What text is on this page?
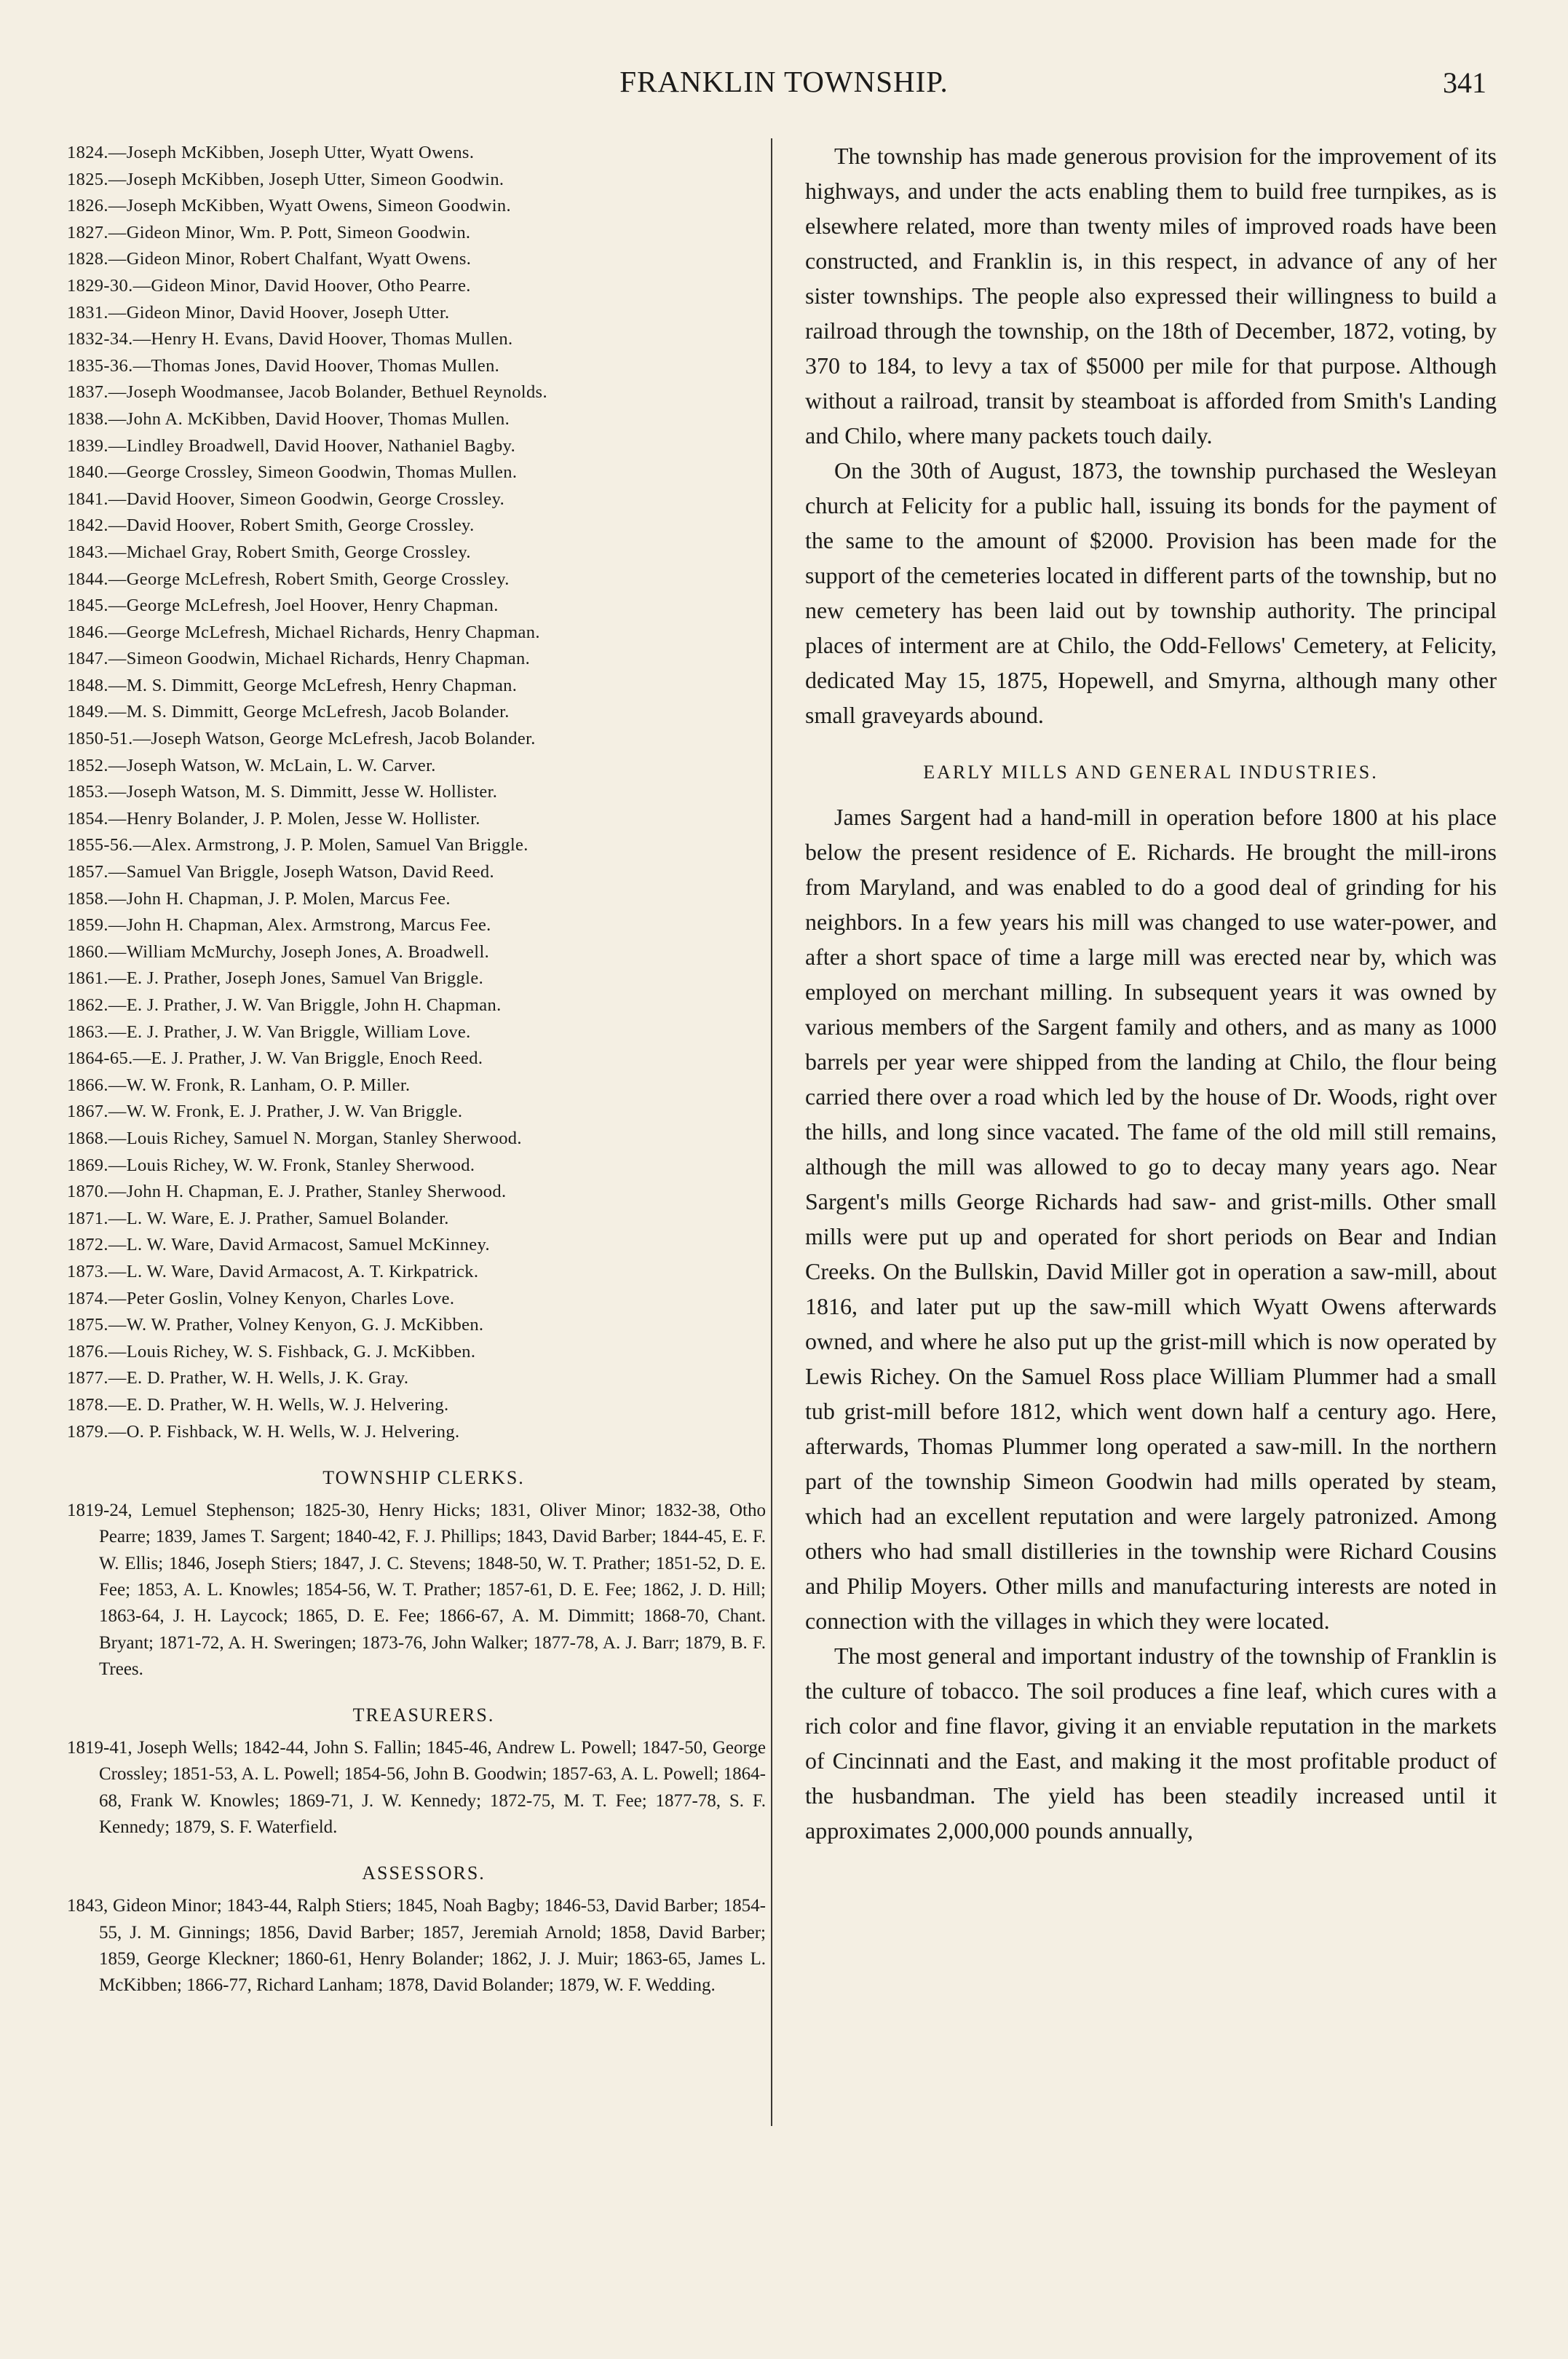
FRANKLIN TOWNSHIP.	341
1824.—Joseph McKibben, Joseph Utter, Wyatt Owens.
1825.—Joseph McKibben, Joseph Utter, Simeon Goodwin.
1826.—Joseph McKibben, Wyatt Owens, Simeon Goodwin.
1827.—Gideon Minor, Wm. P. Pott, Simeon Goodwin.
1828.—Gideon Minor, Robert Chalfant, Wyatt Owens.
1829-30.—Gideon Minor, David Hoover, Otho Pearre.
1831.—Gideon Minor, David Hoover, Joseph Utter.
1832-34.—Henry H. Evans, David Hoover, Thomas Mullen.
1835-36.—Thomas Jones, David Hoover, Thomas Mullen.
1837.—Joseph Woodmansee, Jacob Bolander, Bethuel Reynolds.
1838.—John A. McKibben, David Hoover, Thomas Mullen.
1839.—Lindley Broadwell, David Hoover, Nathaniel Bagby.
1840.—George Crossley, Simeon Goodwin, Thomas Mullen.
1841.—David Hoover, Simeon Goodwin, George Crossley.
1842.—David Hoover, Robert Smith, George Crossley.
1843.—Michael Gray, Robert Smith, George Crossley.
1844.—George McLefresh, Robert Smith, George Crossley.
1845.—George McLefresh, Joel Hoover, Henry Chapman.
1846.—George McLefresh, Michael Richards, Henry Chapman.
1847.—Simeon Goodwin, Michael Richards, Henry Chapman.
1848.—M. S. Dimmitt, George McLefresh, Henry Chapman.
1849.—M. S. Dimmitt, George McLefresh, Jacob Bolander.
1850-51.—Joseph Watson, George McLefresh, Jacob Bolander.
1852.—Joseph Watson, W. McLain, L. W. Carver.
1853.—Joseph Watson, M. S. Dimmitt, Jesse W. Hollister.
1854.—Henry Bolander, J. P. Molen, Jesse W. Hollister.
1855-56.—Alex. Armstrong, J. P. Molen, Samuel Van Briggle.
1857.—Samuel Van Briggle, Joseph Watson, David Reed.
1858.—John H. Chapman, J. P. Molen, Marcus Fee.
1859.—John H. Chapman, Alex. Armstrong, Marcus Fee.
1860.—William McMurchy, Joseph Jones, A. Broadwell.
1861.—E. J. Prather, Joseph Jones, Samuel Van Briggle.
1862.—E. J. Prather, J. W. Van Briggle, John H. Chapman.
1863.—E. J. Prather, J. W. Van Briggle, William Love.
1864-65.—E. J. Prather, J. W. Van Briggle, Enoch Reed.
1866.—W. W. Fronk, R. Lanham, O. P. Miller.
1867.—W. W. Fronk, E. J. Prather, J. W. Van Briggle.
1868.—Louis Richey, Samuel N. Morgan, Stanley Sherwood.
1869.—Louis Richey, W. W. Fronk, Stanley Sherwood.
1870.—John H. Chapman, E. J. Prather, Stanley Sherwood.
1871.—L. W. Ware, E. J. Prather, Samuel Bolander.
1872.—L. W. Ware, David Armacost, Samuel McKinney.
1873.—L. W. Ware, David Armacost, A. T. Kirkpatrick.
1874.—Peter Goslin, Volney Kenyon, Charles Love.
1875.—W. W. Prather, Volney Kenyon, G. J. McKibben.
1876.—Louis Richey, W. S. Fishback, G. J. McKibben.
1877.—E. D. Prather, W. H. Wells, J. K. Gray.
1878.—E. D. Prather, W. H. Wells, W. J. Helvering.
1879.—O. P. Fishback, W. H. Wells, W. J. Helvering.
TOWNSHIP CLERKS.

1819-24, Lemuel Stephenson; 1825-30, Henry Hicks; 1831, Oliver Minor; 1832-38, Otho Pearre; 1839, James T. Sargent; 1840-42, F. J. Phillips; 1843, David Barber; 1844-45, E. F. W. Ellis; 1846, Joseph Stiers; 1847, J. C. Stevens; 1848-50, W. T. Prather; 1851-52, D. E. Fee; 1853, A. L. Knowles; 1854-56, W. T. Prather; 1857-61, D. E. Fee; 1862, J. D. Hill; 1863-64, J. H. Laycock; 1865, D. E. Fee; 1866-67, A. M. Dimmitt; 1868-70, Chant. Bryant; 1871-72, A. H. Sweringen; 1873-76, John Walker; 1877-78, A. J. Barr; 1879, B. F. Trees.

TREASURERS.

1819-41, Joseph Wells; 1842-44, John S. Fallin; 1845-46, Andrew L. Powell; 1847-50, George Crossley; 1851-53, A. L. Powell; 1854-56, John B. Goodwin; 1857-63, A. L. Powell; 1864-68, Frank W. Knowles; 1869-71, J. W. Kennedy; 1872-75, M. T. Fee; 1877-78, S. F. Kennedy; 1879, S. F. Waterfield.

ASSESSORS.

1843, Gideon Minor; 1843-44, Ralph Stiers; 1845, Noah Bagby; 1846-53, David Barber; 1854-55, J. M. Ginnings; 1856, David Barber; 1857, Jeremiah Arnold; 1858, David Barber; 1859, George Kleckner; 1860-61, Henry Bolander; 1862, J. J. Muir; 1863-65, James L. McKibben; 1866-77, Richard Lanham; 1878, David Bolander; 1879, W. F. Wedding.

The township has made generous provision for the improvement of its highways, and under the acts enabling them to build free turnpikes, as is elsewhere related, more than twenty miles of improved roads have been constructed, and Franklin is, in this respect, in advance of any of her sister townships. The people also expressed their willingness to build a railroad through the township, on the 18th of December, 1872, voting, by 370 to 184, to levy a tax of $5000 per mile for that purpose. Although without a railroad, transit by steamboat is afforded from Smith's Landing and Chilo, where many packets touch daily.

On the 30th of August, 1873, the township purchased the Wesleyan church at Felicity for a public hall, issuing its bonds for the payment of the same to the amount of $2000. Provision has been made for the support of the cemeteries located in different parts of the township, but no new cemetery has been laid out by township authority. The principal places of interment are at Chilo, the Odd-Fellows' Cemetery, at Felicity, dedicated May 15, 1875, Hopewell, and Smyrna, although many other small graveyards abound.

EARLY MILLS AND GENERAL INDUSTRIES.

James Sargent had a hand-mill in operation before 1800 at his place below the present residence of E. Richards. He brought the mill-irons from Maryland, and was enabled to do a good deal of grinding for his neighbors. In a few years his mill was changed to use water-power, and after a short space of time a large mill was erected near by, which was employed on merchant milling. In subsequent years it was owned by various members of the Sargent family and others, and as many as 1000 barrels per year were shipped from the landing at Chilo, the flour being carried there over a road which led by the house of Dr. Woods, right over the hills, and long since vacated. The fame of the old mill still remains, although the mill was allowed to go to decay many years ago. Near Sargent's mills George Richards had saw- and grist-mills. Other small mills were put up and operated for short periods on Bear and Indian Creeks. On the Bullskin, David Miller got in operation a saw-mill, about 1816, and later put up the saw-mill which Wyatt Owens afterwards owned, and where he also put up the grist-mill which is now operated by Lewis Richey. On the Samuel Ross place William Plummer had a small tub grist-mill before 1812, which went down half a century ago. Here, afterwards, Thomas Plummer long operated a saw-mill. In the northern part of the township Simeon Goodwin had mills operated by steam, which had an excellent reputation and were largely patronized. Among others who had small distilleries in the township were Richard Cousins and Philip Moyers. Other mills and manufacturing interests are noted in connection with the villages in which they were located.

The most general and important industry of the township of Franklin is the culture of tobacco. The soil produces a fine leaf, which cures with a rich color and fine flavor, giving it an enviable reputation in the markets of Cincinnati and the East, and making it the most profitable product of the husbandman. The yield has been steadily increased until it approximates 2,000,000 pounds annually,
